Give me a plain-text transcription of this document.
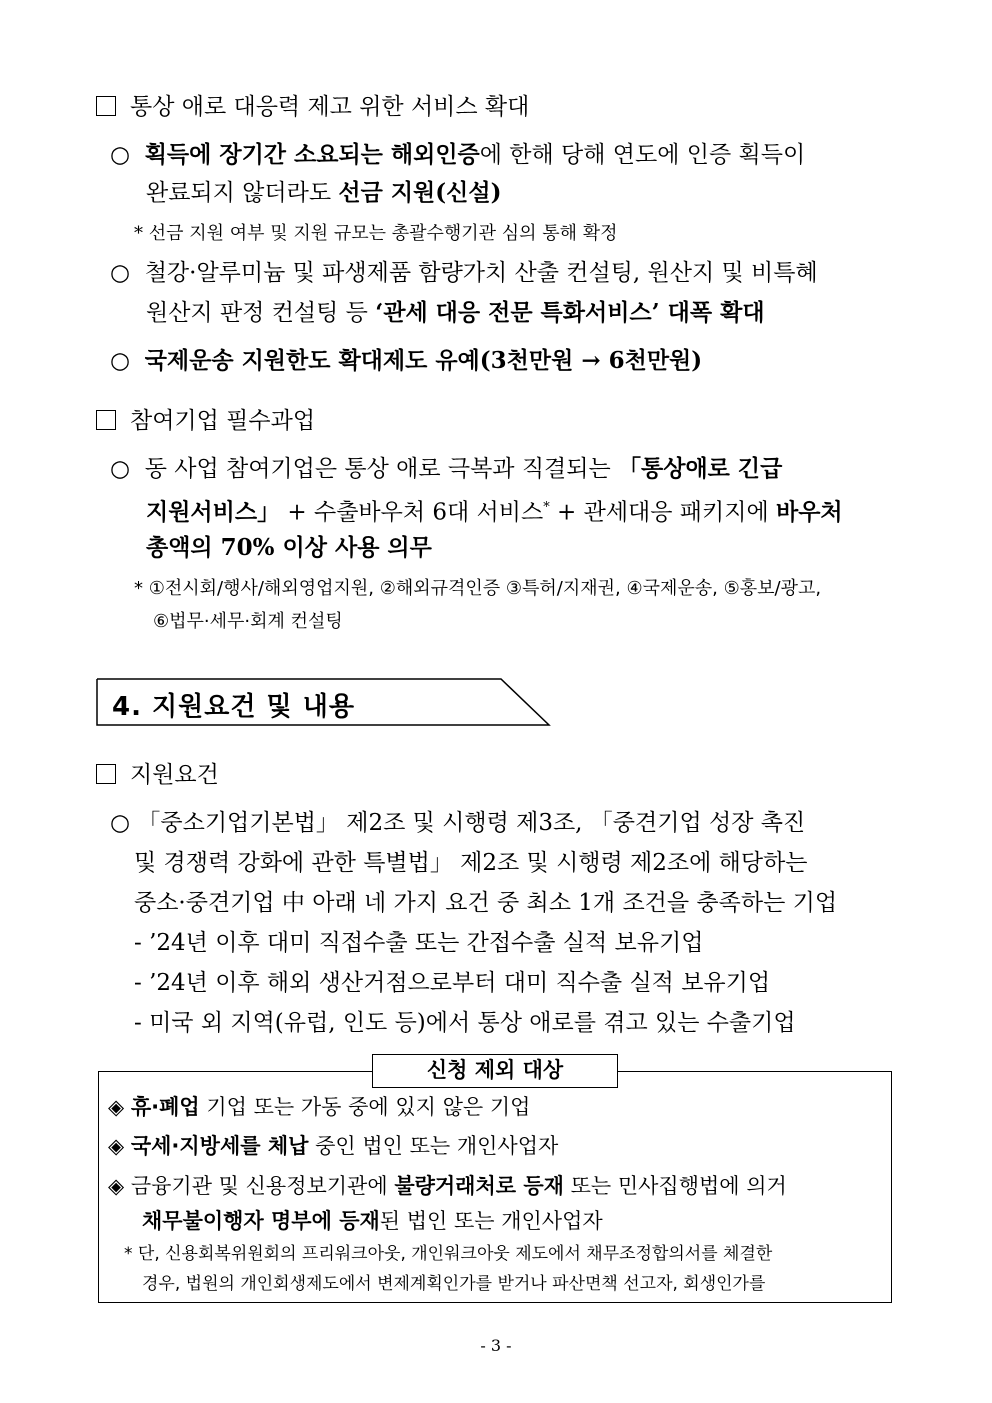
통상 애로 대응력 제고 위한 서비스 확대
○  획득에 장기간 소요되는 해외인증에 한해 당해 연도에 인증 획득이
완료되지 않더라도 선금 지원(신설)
* 선금 지원 여부 및 지원 규모는 총괄수행기관 심의 통해 확정
○  철강·알루미늄 및 파생제품 함량가치 산출 컨설팅, 원산지 및 비특혜
원산지 판정 컨설팅 등 ‘관세 대응 전문 특화서비스’ 대폭 확대
○  국제운송 지원한도 확대제도 유예(3천만원 → 6천만원)
참여기업 필수과업
○  동 사업 참여기업은 통상 애로 극복과 직결되는 「통상애로 긴급
지원서비스」 + 수출바우처 6대 서비스* + 관세대응 패키지에 바우처
총액의 70% 이상 사용 의무
* ①전시회/행사/해외영업지원, ②해외규격인증 ③특허/지재권, ④국제운송, ⑤홍보/광고,
⑥법무·세무·회계 컨설팅
4. 지원요건 및 내용
지원요건
○ 「중소기업기본법」 제2조 및 시행령 제3조, 「중견기업 성장 촉진
및 경쟁력 강화에 관한 특별법」 제2조 및 시행령 제2조에 해당하는
중소·중견기업 中 아래 네 가지 요건 중 최소 1개 조건을 충족하는 기업
- ’24년 이후 대미 직접수출 또는 간접수출 실적 보유기업
- ’24년 이후 해외 생산거점으로부터 대미 직수출 실적 보유기업
- 미국 외 지역(유럽, 인도 등)에서 통상 애로를 겪고 있는 수출기업
신청 제외 대상
◈ 휴·폐업 기업 또는 가동 중에 있지 않은 기업
◈ 국세·지방세를 체납 중인 법인 또는 개인사업자
◈ 금융기관 및 신용정보기관에 불량거래처로 등재 또는 민사집행법에 의거
채무불이행자 명부에 등재된 법인 또는 개인사업자
* 단, 신용회복위원회의 프리워크아웃, 개인워크아웃 제도에서 채무조정합의서를 체결한
경우, 법원의 개인회생제도에서 변제계획인가를 받거나 파산면책 선고자, 회생인가를
- 3 -
